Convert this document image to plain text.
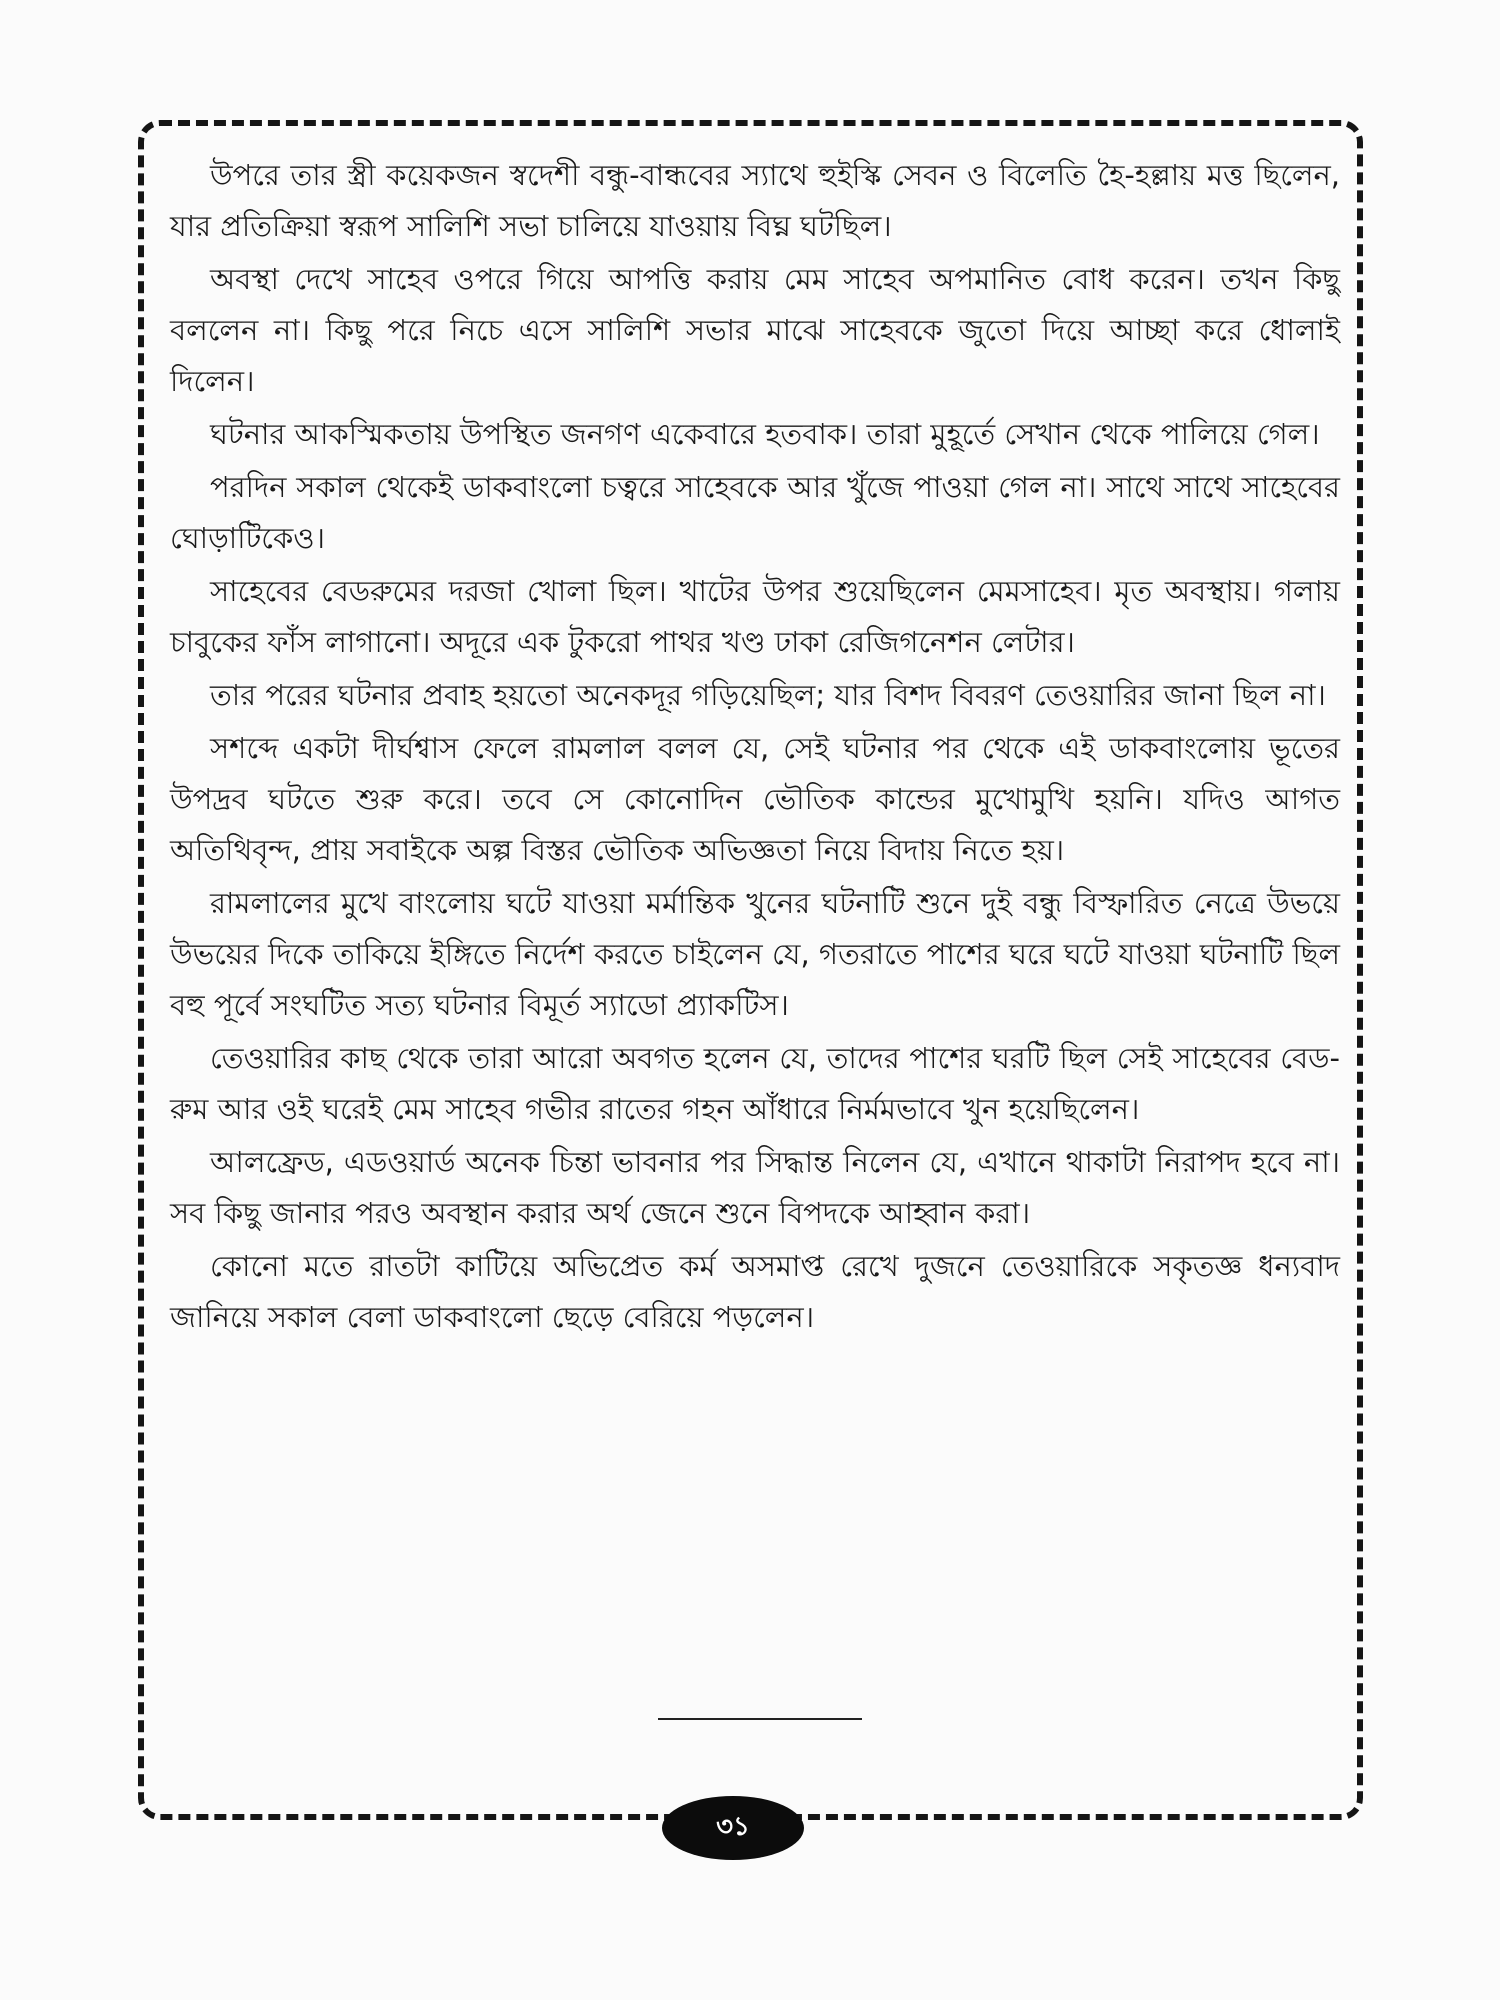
উপরে তার স্ত্রী কয়েকজন স্বদেশী বন্ধু-বান্ধবের স্যাথে হুইস্কি সেবন ও বিলেতি হৈ-হল্লায় মত্ত ছিলেন, যার প্রতিক্রিয়া স্বরূপ সালিশি সভা চালিয়ে যাওয়ায় বিঘ্ন ঘটছিল।

অবস্থা দেখে সাহেব ওপরে গিয়ে আপত্তি করায় মেম সাহেব অপমানিত বোধ করেন। তখন কিছু বললেন না। কিছু পরে নিচে এসে সালিশি সভার মাঝে সাহেবকে জুতো দিয়ে আচ্ছা করে ধোলাই দিলেন।

ঘটনার আকস্মিকতায় উপস্থিত জনগণ একেবারে হতবাক। তারা মুহূর্তে সেখান থেকে পালিয়ে গেল।

পরদিন সকাল থেকেই ডাকবাংলো চত্বরে সাহেবকে আর খুঁজে পাওয়া গেল না। সাথে সাথে সাহেবের ঘোড়াটিকেও।

সাহেবের বেডরুমের দরজা খোলা ছিল। খাটের উপর শুয়েছিলেন মেমসাহেব। মৃত অবস্থায়। গলায় চাবুকের ফাঁস লাগানো। অদূরে এক টুকরো পাথর খণ্ড ঢাকা রেজিগনেশন লেটার।

তার পরের ঘটনার প্রবাহ হয়তো অনেকদূর গড়িয়েছিল; যার বিশদ বিবরণ তেওয়ারির জানা ছিল না।

সশব্দে একটা দীর্ঘশ্বাস ফেলে রামলাল বলল যে, সেই ঘটনার পর থেকে এই ডাকবাংলোয় ভূতের উপদ্রব ঘটতে শুরু করে। তবে সে কোনোদিন ভৌতিক কান্ডের মুখোমুখি হয়নি। যদিও আগত অতিথিবৃন্দ, প্রায় সবাইকে অল্প বিস্তর ভৌতিক অভিজ্ঞতা নিয়ে বিদায় নিতে হয়।

রামলালের মুখে বাংলোয় ঘটে যাওয়া মর্মান্তিক খুনের ঘটনাটি শুনে দুই বন্ধু বিস্ফারিত নেত্রে উভয়ে উভয়ের দিকে তাকিয়ে ইঙ্গিতে নির্দেশ করতে চাইলেন যে, গতরাতে পাশের ঘরে ঘটে যাওয়া ঘটনাটি ছিল বহু পূর্বে সংঘটিত সত্য ঘটনার বিমূর্ত স্যাডো প্র্যাকটিস।

তেওয়ারির কাছ থেকে তারা আরো অবগত হলেন যে, তাদের পাশের ঘরটি ছিল সেই সাহেবের বেড-রুম আর ওই ঘরেই মেম সাহেব গভীর রাতের গহন আঁধারে নির্মমভাবে খুন হয়েছিলেন।

আলফ্রেড, এডওয়ার্ড অনেক চিন্তা ভাবনার পর সিদ্ধান্ত নিলেন যে, এখানে থাকাটা নিরাপদ হবে না। সব কিছু জানার পরও অবস্থান করার অর্থ জেনে শুনে বিপদকে আহ্বান করা।

কোনো মতে রাতটা কাটিয়ে অভিপ্রেত কর্ম অসমাপ্ত রেখে দুজনে তেওয়ারিকে সকৃতজ্ঞ ধন্যবাদ জানিয়ে সকাল বেলা ডাকবাংলো ছেড়ে বেরিয়ে পড়লেন।

৩১
